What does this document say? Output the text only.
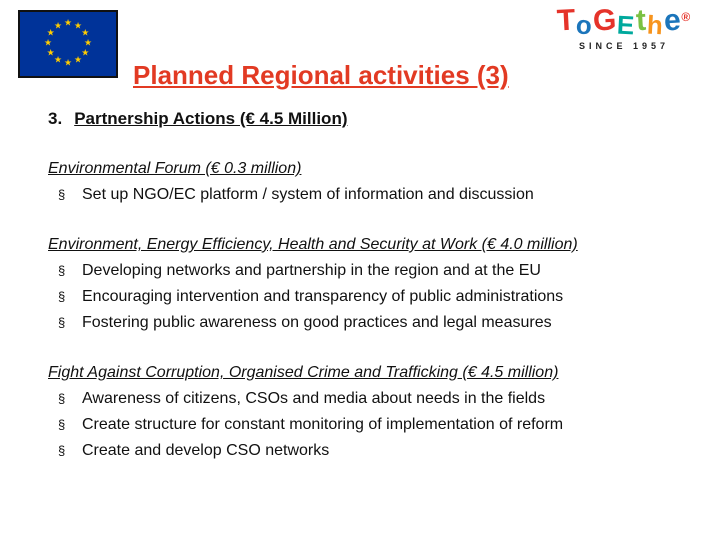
★ ★
★
★
★
★
★
★
★
★
★
★	ToGEthe®
SINCE 1957
Planned Regional activities (3)
3. Partnership Actions (€ 4.5 Million)
Environmental Forum (€ 0.3 million)
§	Set up NGO/EC platform / system of information and discussion
Environment, Energy Efficiency, Health and Security at Work (€ 4.0 million)
§	Developing networks and partnership in the region and at the EU
§	Encouraging intervention and transparency of public administrations
§	Fostering public awareness on good practices and legal measures
Fight Against Corruption, Organised Crime and Trafficking (€ 4.5 million)
§	Awareness of citizens, CSOs and media about needs in the fields
§	Create structure for constant monitoring of implementation of reform
§	Create and develop CSO networks
